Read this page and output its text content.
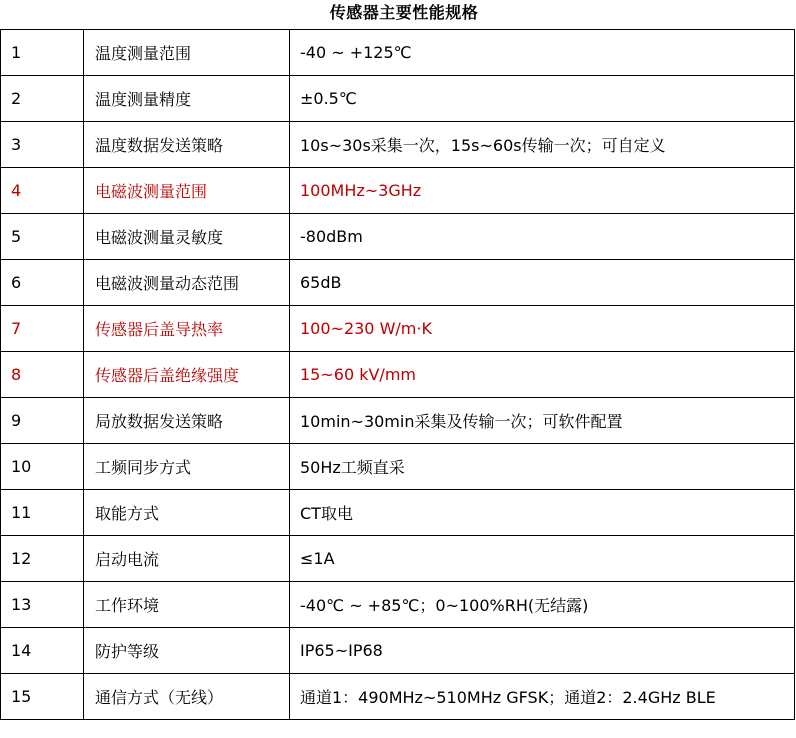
传感器主要性能规格
1	温度测量范围	-40 ~ +125℃
2	温度测量精度	±0.5℃
3	温度数据发送策略	10s~30s采集一次，15s~60s传输一次；可自定义
4	电磁波测量范围	100MHz~3GHz
5	电磁波测量灵敏度	-80dBm
6	电磁波测量动态范围	65dB
7	传感器后盖导热率	100~230 W/m·K
8	传感器后盖绝缘强度	15~60 kV/mm
9	局放数据发送策略	10min~30min采集及传输一次；可软件配置
10	工频同步方式	50Hz工频直采
11	取能方式	CT取电
12	启动电流	≤1A
13	工作环境	-40℃ ~ +85℃；0~100%RH(无结露)
14	防护等级	IP65~IP68
15	通信方式（无线）	通道1：490MHz~510MHz GFSK；通道2：2.4GHz BLE
